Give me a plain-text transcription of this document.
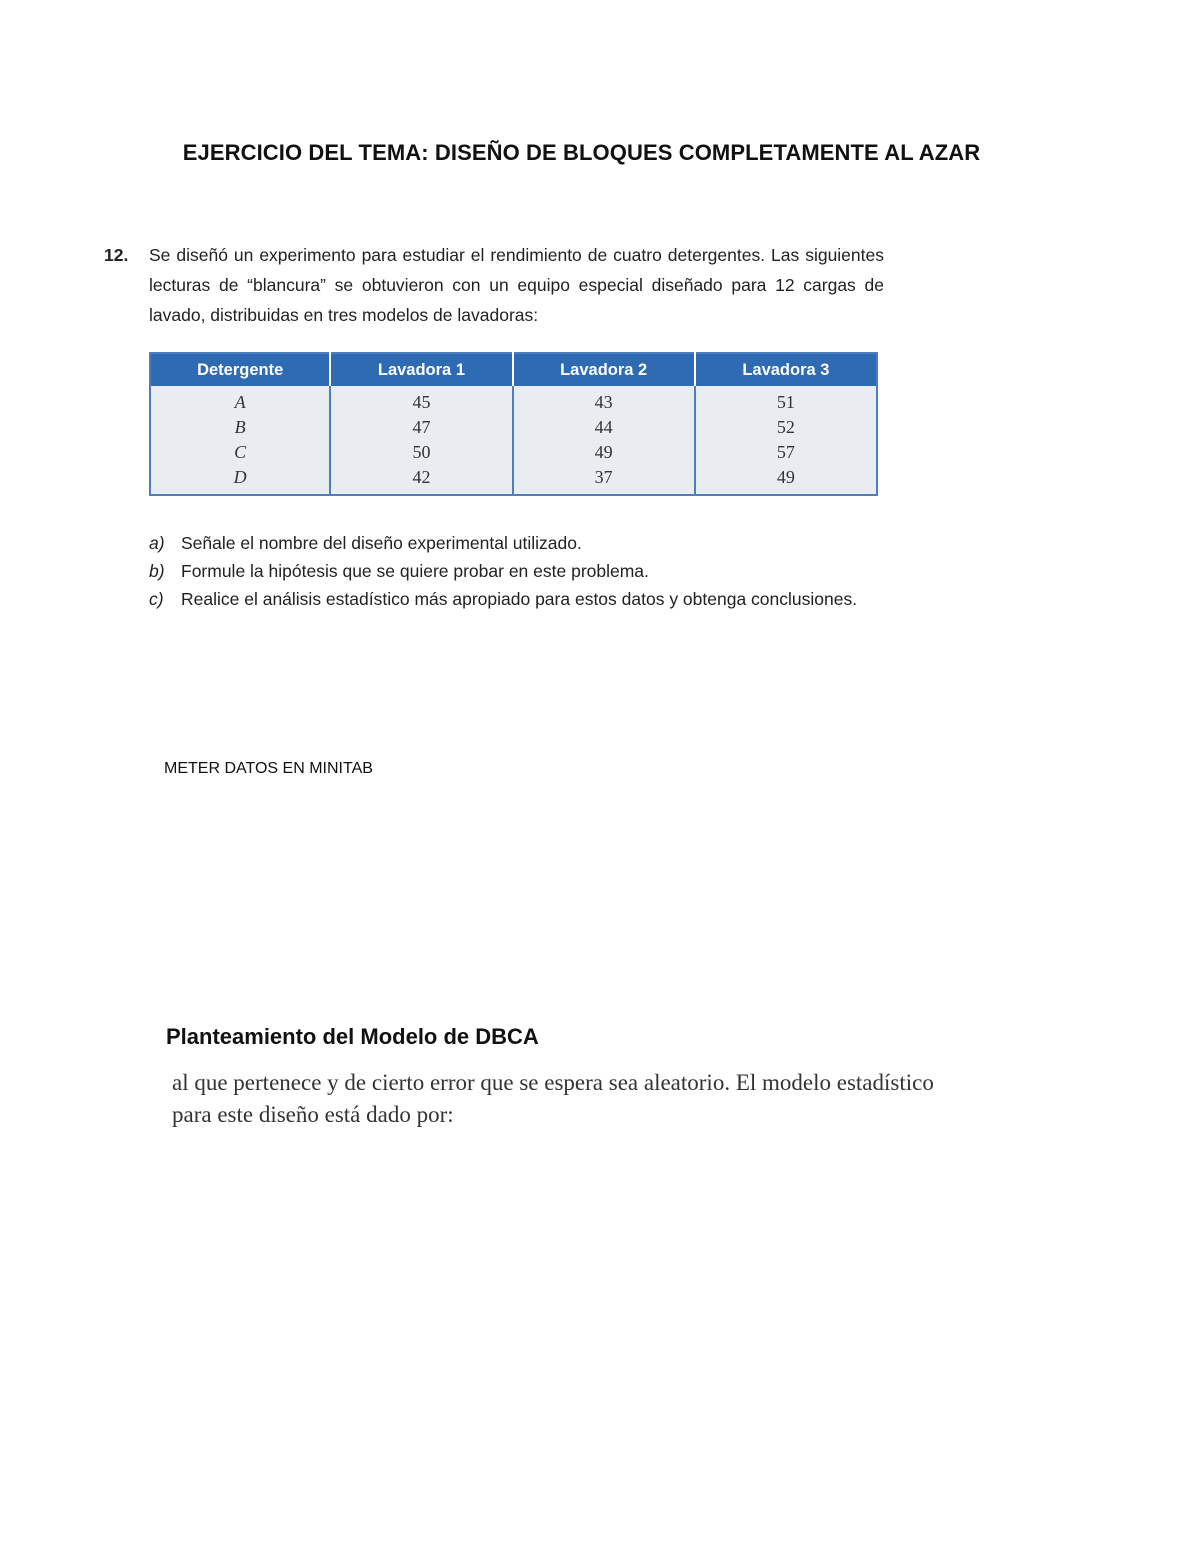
EJERCICIO DEL TEMA: DISEÑO DE BLOQUES COMPLETAMENTE AL AZAR
12. Se diseñó un experimento para estudiar el rendimiento de cuatro detergentes. Las siguientes lecturas de “blancura” se obtuvieron con un equipo especial diseñado para 12 cargas de lavado, distribuidas en tres modelos de lavadoras:
Detergente	Lavadora 1	Lavadora 2	Lavadora 3
A	45	43	51
B	47	44	52
C	50	49	57
D	42	37	49
a) Señale el nombre del diseño experimental utilizado.
b) Formule la hipótesis que se quiere probar en este problema.
c) Realice el análisis estadístico más apropiado para estos datos y obtenga conclusiones.
METER DATOS EN MINITAB
Planteamiento del Modelo de DBCA

al que pertenece y de cierto error que se espera sea aleatorio. El modelo estadístico

para este diseño está dado por:
